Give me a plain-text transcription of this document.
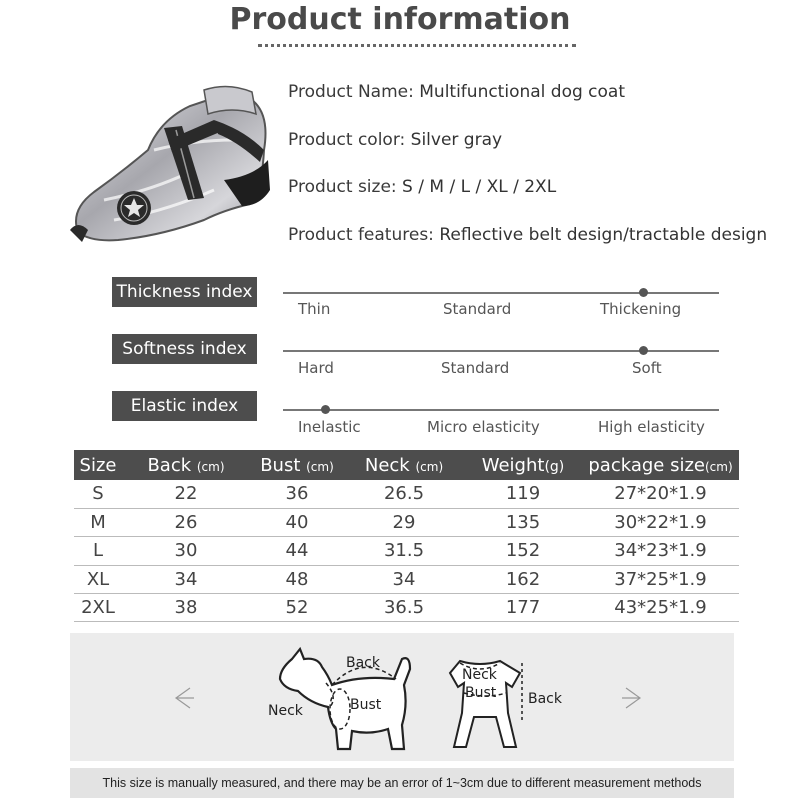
Product information
Product Name: Multifunctional dog coat
Product color: Silver gray
Product size: S / M / L / XL / 2XL
Product features: Reflective belt design/tractable design
Thickness index
Thin	Standard	Thickening
Softness index
Hard	Standard	Soft
Elastic index
Inelastic	Micro elasticity	High elasticity
Size	Back (cm)	Bust (cm)	Neck (cm)	Weight(g)	package size(cm)
S	22	36	26.5	119	27*20*1.9
M	26	40	29	135	30*22*1.9
L	30	44	31.5	152	34*23*1.9
XL	34	48	34	162	37*25*1.9
2XL	38	52	36.5	177	43*25*1.9
Back
Neck	Bust
Neck
Bust Back
This size is manually measured, and there may be an error of 1~3cm due to different measurement methods
